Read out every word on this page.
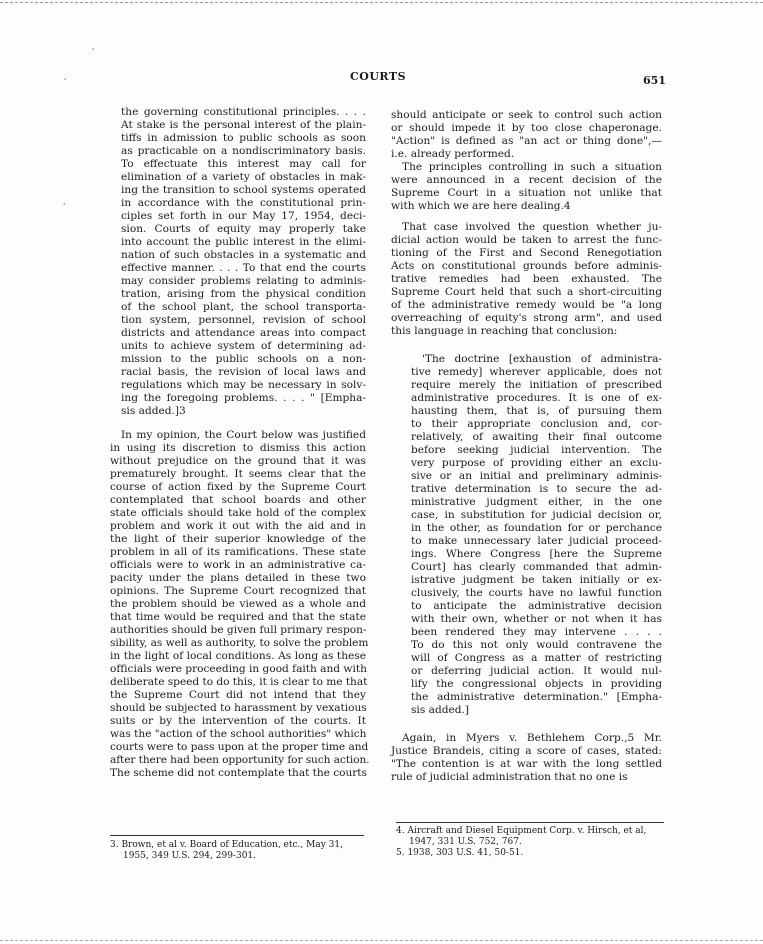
,
,
,
COURTS	651
the governing constitutional principles. . . .
At stake is the personal interest of the plain-
tiffs in admission to public schools as soon
as practicable on a nondiscriminatory basis.
To effectuate this interest may call for
elimination of a variety of obstacles in mak-
ing the transition to school systems operated
in accordance with the constitutional prin-
ciples set forth in our May 17, 1954, deci-
sion. Courts of equity may properly take
into account the public interest in the elimi-
nation of such obstacles in a systematic and
effective manner. . . . To that end the courts
may consider problems relating to adminis-
tration, arising from the physical condition
of the school plant, the school transporta-
tion system, personnel, revision of school
districts and attendance areas into compact
units to achieve system of determining ad-
mission to the public schools on a non-
racial basis, the revision of local laws and
regulations which may be necessary in solv-
ing the foregoing problems. . . . " [Empha-
sis added.]3
In my opinion, the Court below was justified
in using its discretion to dismiss this action
without prejudice on the ground that it was
prematurely brought. It seems clear that the
course of action fixed by the Supreme Court
contemplated that school boards and other
state officials should take hold of the complex
problem and work it out with the aid and in
the light of their superior knowledge of the
problem in all of its ramifications. These state
officials were to work in an administrative ca-
pacity under the plans detailed in these two
opinions. The Supreme Court recognized that
the problem should be viewed as a whole and
that time would be required and that the state
authorities should be given full primary respon-
sibility, as well as authority, to solve the problem
in the light of local conditions. As long as these
officials were proceeding in good faith and with
deliberate speed to do this, it is clear to me that
the Supreme Court did not intend that they
should be subjected to harassment by vexatious
suits or by the intervention of the courts. It
was the "action of the school authorities" which
courts were to pass upon at the proper time and
after there had been opportunity for such action.
The scheme did not contemplate that the courts
should anticipate or seek to control such action
or should impede it by too close chaperonage.
"Action" is defined as "an act or thing done",—
i.e. already performed.
The principles controlling in such a situation
were announced in a recent decision of the
Supreme Court in a situation not unlike that
with which we are here dealing.4
That case involved the question whether ju-
dicial action would be taken to arrest the func-
tioning of the First and Second Renegotiation
Acts on constitutional grounds before adminis-
trative remedies had been exhausted. The
Supreme Court held that such a short-circuiting
of the administrative remedy would be "a long
overreaching of equity's strong arm", and used
this language in reaching that conclusion:
'The doctrine [exhaustion of administra-
tive remedy] wherever applicable, does not
require merely the initiation of prescribed
administrative procedures. It is one of ex-
hausting them, that is, of pursuing them
to their appropriate conclusion and, cor-
relatively, of awaiting their final outcome
before seeking judicial intervention. The
very purpose of providing either an exclu-
sive or an initial and preliminary adminis-
trative determination is to secure the ad-
ministrative judgment either, in the one
case, in substitution for judicial decision or,
in the other, as foundation for or perchance
to make unnecessary later judicial proceed-
ings. Where Congress [here the Supreme
Court] has clearly commanded that admin-
istrative judgment be taken initially or ex-
clusively, the courts have no lawful function
to anticipate the administrative decision
with their own, whether or not when it has
been rendered they may intervene . . . .
To do this not only would contravene the
will of Congress as a matter of restricting
or deferring judicial action. It would nul-
lify the congressional objects in providing
the administrative determination." [Empha-
sis added.]
Again, in Myers v. Bethlehem Corp.,5 Mr.
Justice Brandeis, citing a score of cases, stated:
"The contention is at war with the long settled
rule of judicial administration that no one is

3. Brown, et al v. Board of Education, etc., May 31, 1955, 349 U.S. 294, 299-301.

4. Aircraft and Diesel Equipment Corp. v. Hirsch, et al, 1947, 331 U.S. 752, 767.

5. 1938, 303 U.S. 41, 50-51.
